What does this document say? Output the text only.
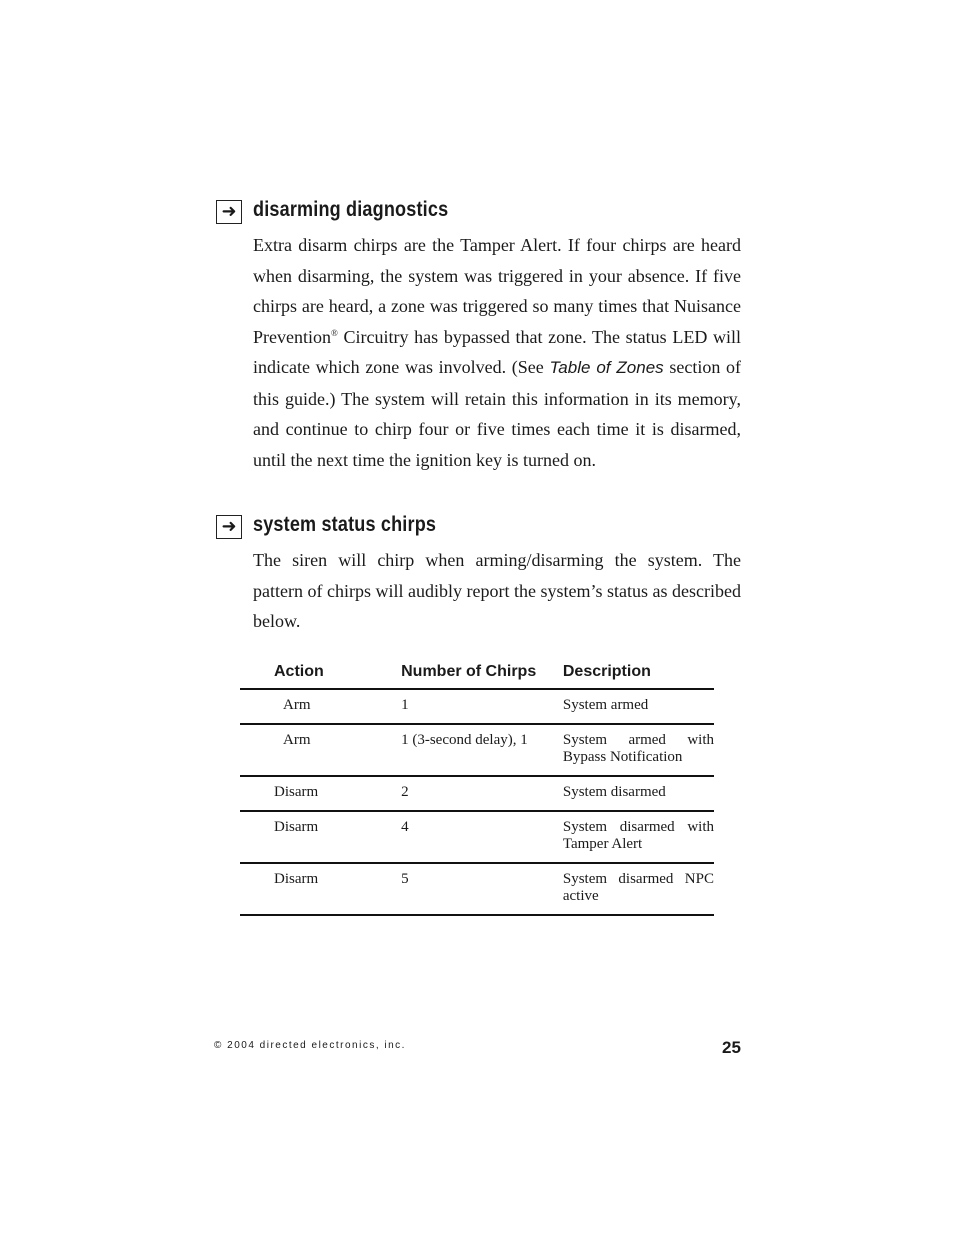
➜ disarming diagnostics

Extra disarm chirps are the Tamper Alert. If four chirps are heard when disarming, the system was triggered in your absence. If five chirps are heard, a zone was triggered so many times that Nuisance Prevention® Circuitry has bypassed that zone. The status LED will indicate which zone was involved. (See Table of Zones section of this guide.) The system will retain this information in its memory, and continue to chirp four or five times each time it is disarmed, until the next time the ignition key is turned on.

➜ system status chirps

The siren will chirp when arming/disarming the system. The pattern of chirps will audibly report the system’s status as described below.

Action	Number of Chirps	Description
Arm	1	System armed
Arm	1 (3-second delay), 1	System armed with Bypass Notification
Disarm	2	System disarmed
Disarm	4	System disarmed with Tamper Alert
Disarm	5	System disarmed NPC active
© 2004 directed electronics, inc.	25
